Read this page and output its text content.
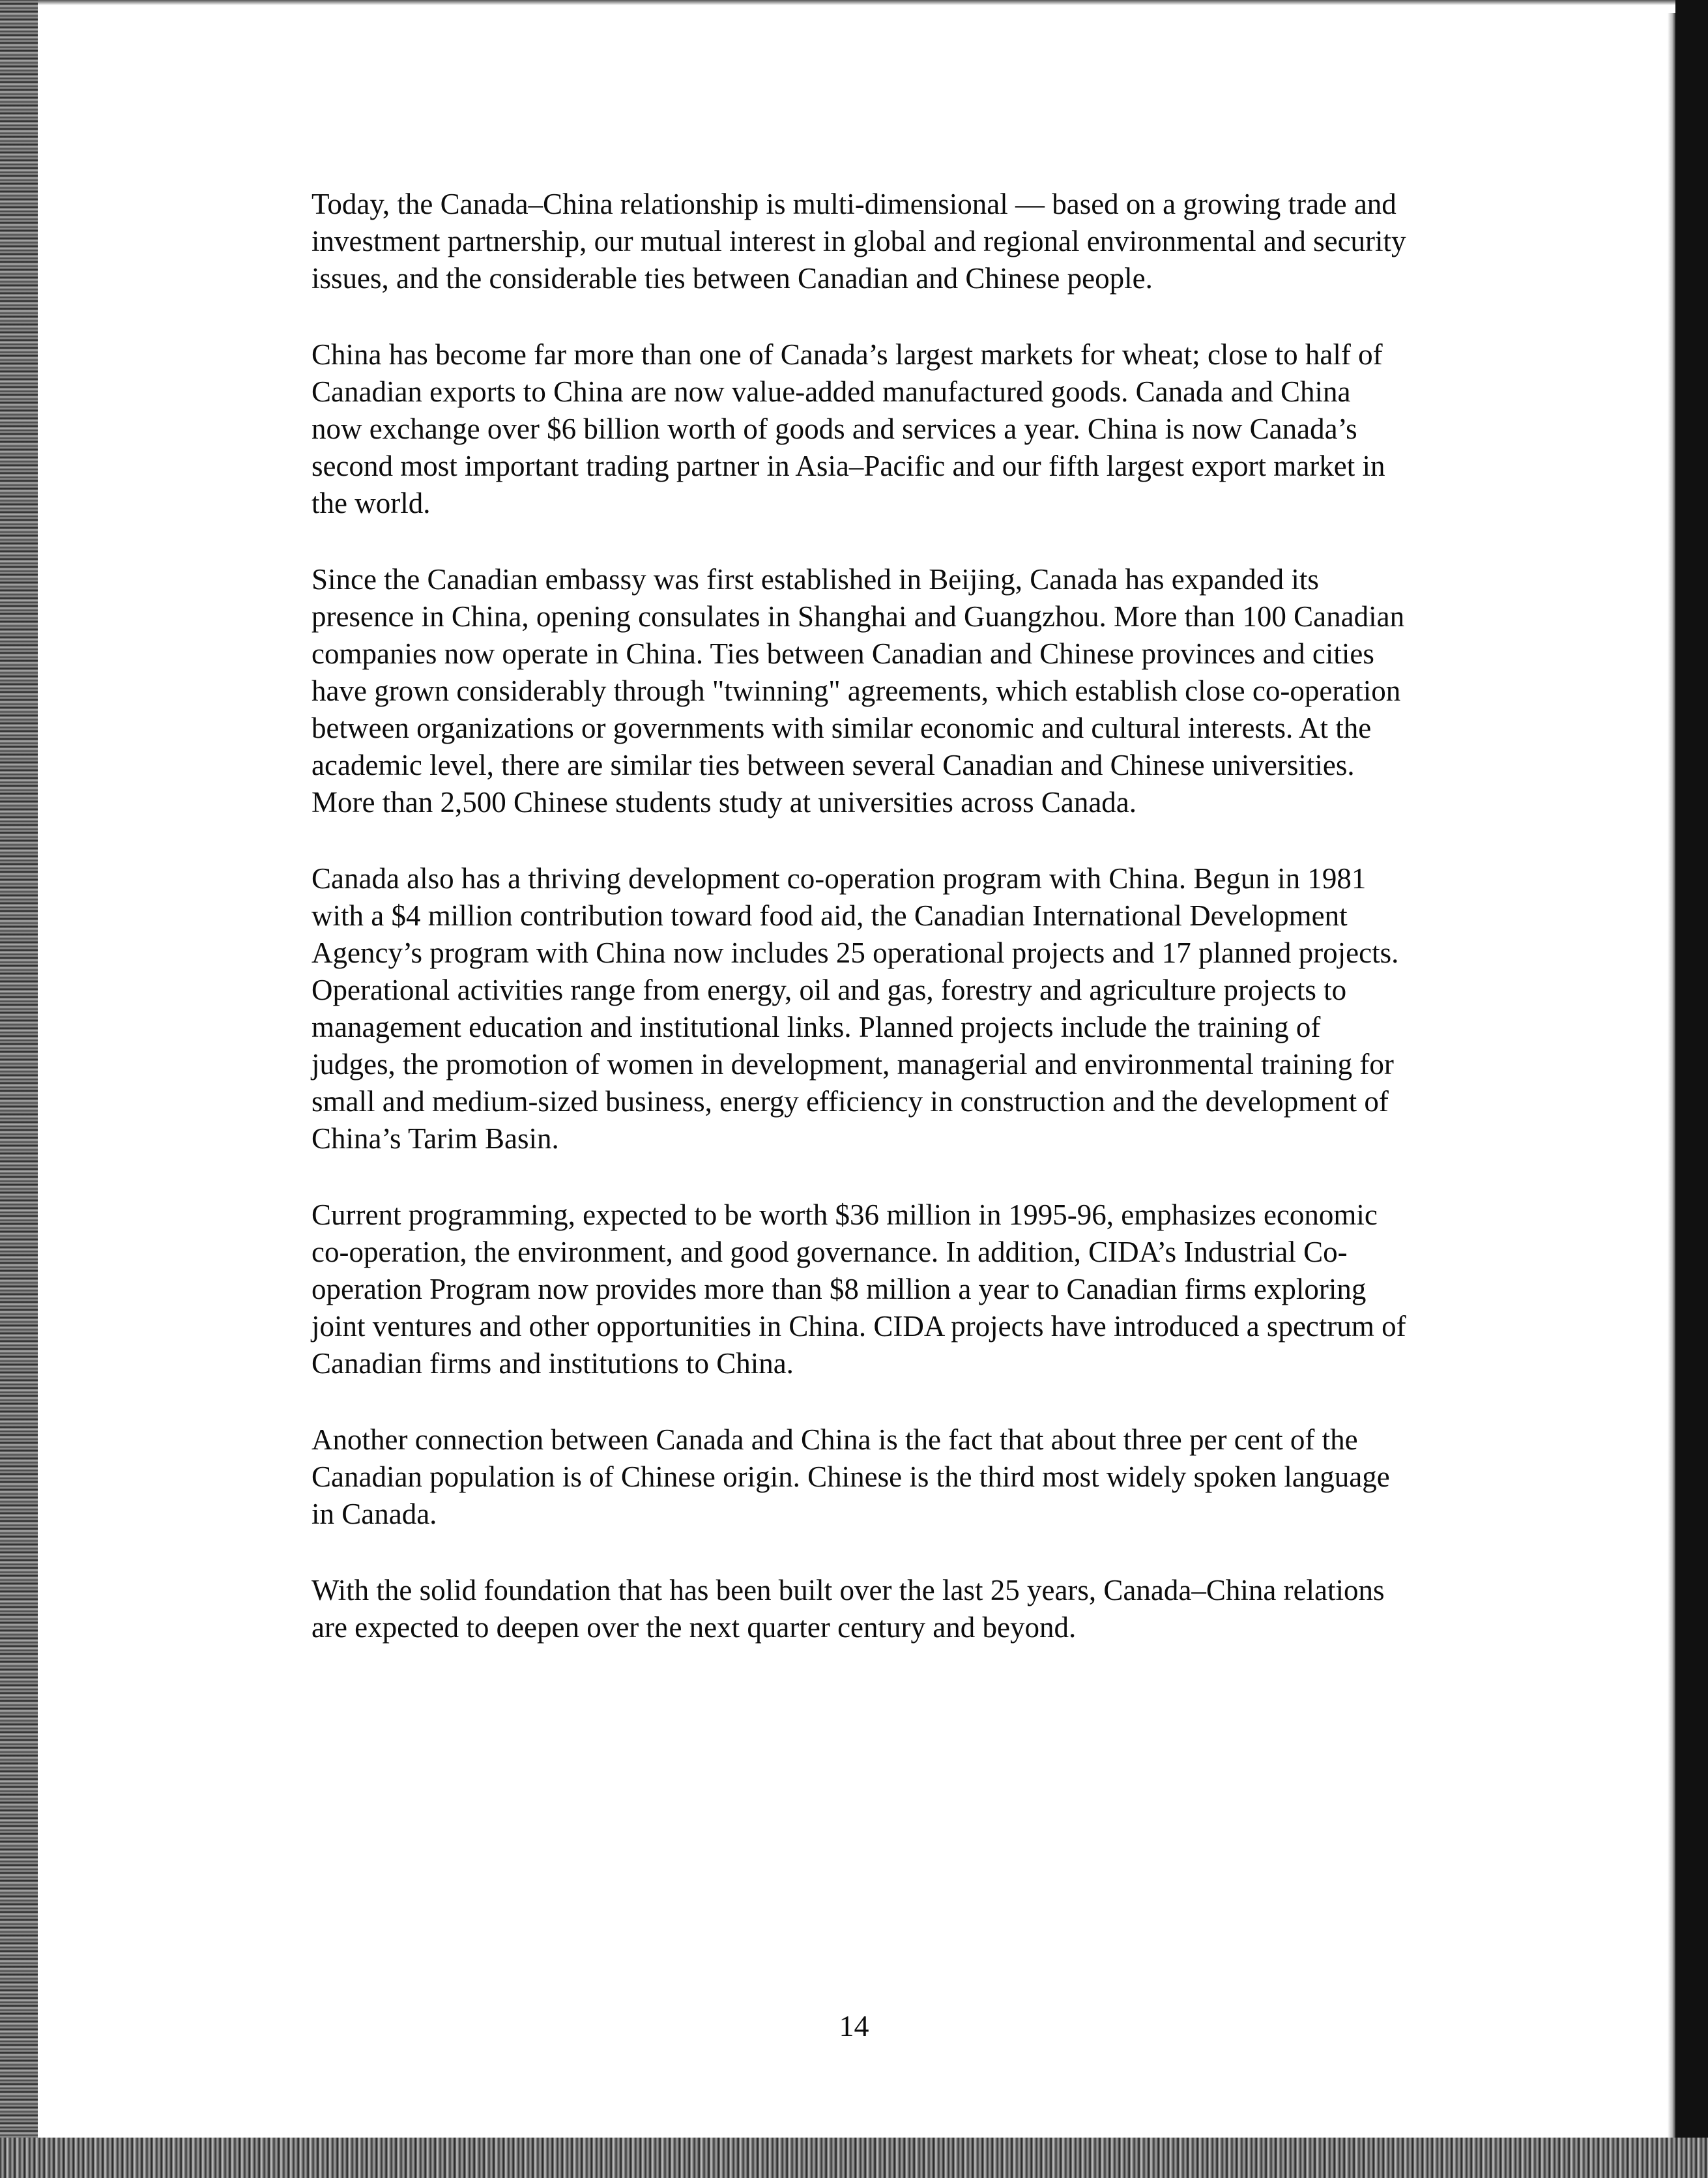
Today, the Canada–China relationship is multi-dimensional — based on a growing trade and investment partnership, our mutual interest in global and regional environmental and security issues, and the considerable ties between Canadian and Chinese people.

China has become far more than one of Canada’s largest markets for wheat; close to half of Canadian exports to China are now value-added manufactured goods. Canada and China now exchange over $6 billion worth of goods and services a year. China is now Canada’s second most important trading partner in Asia–Pacific and our fifth largest export market in the world.

Since the Canadian embassy was first established in Beijing, Canada has expanded its presence in China, opening consulates in Shanghai and Guangzhou. More than 100 Canadian companies now operate in China. Ties between Canadian and Chinese provinces and cities have grown considerably through "twinning" agreements, which establish close co-operation between organizations or governments with similar economic and cultural interests. At the academic level, there are similar ties between several Canadian and Chinese universities. More than 2,500 Chinese students study at universities across Canada.

Canada also has a thriving development co-operation program with China. Begun in 1981 with a $4 million contribution toward food aid, the Canadian International Development Agency’s program with China now includes 25 operational projects and 17 planned projects. Operational activities range from energy, oil and gas, forestry and agriculture projects to management education and institutional links. Planned projects include the training of judges, the promotion of women in development, managerial and environmental training for small and medium-sized business, energy efficiency in construction and the development of China’s Tarim Basin.

Current programming, expected to be worth $36 million in 1995-96, emphasizes economic co-operation, the environment, and good governance. In addition, CIDA’s Industrial Co-operation Program now provides more than $8 million a year to Canadian firms exploring joint ventures and other opportunities in China. CIDA projects have introduced a spectrum of Canadian firms and institutions to China.

Another connection between Canada and China is the fact that about three per cent of the Canadian population is of Chinese origin. Chinese is the third most widely spoken language in Canada.

With the solid foundation that has been built over the last 25 years, Canada–China relations are expected to deepen over the next quarter century and beyond.

14
